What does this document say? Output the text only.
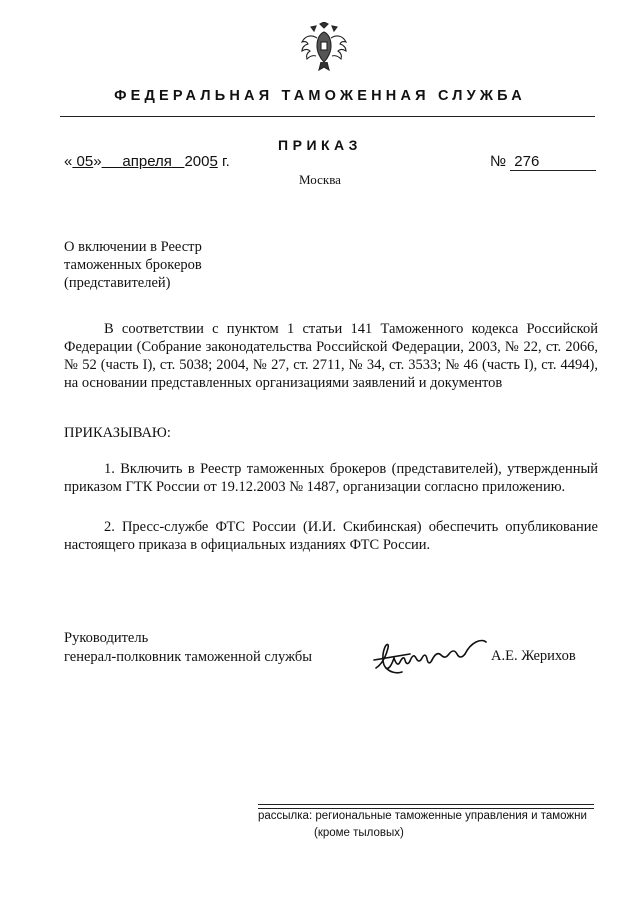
ФЕДЕРАЛЬНАЯ ТАМОЖЕННАЯ СЛУЖБА
ПРИКАЗ
« 05» апреля 2005 г.	№ 276
Москва
О включении в Реестр
таможенных брокеров
(представителей)
В соответствии с пунктом 1 статьи 141 Таможенного кодекса Российской Федерации (Собрание законодательства Российской Федерации, 2003, № 22, ст. 2066, № 52 (часть I), ст. 5038; 2004, № 27, ст. 2711, № 34, ст. 3533; № 46 (часть I), ст. 4494), на основании представленных организациями заявлений и документов
ПРИКАЗЫВАЮ:
1. Включить в Реестр таможенных брокеров (представителей), утвержденный приказом ГТК России от 19.12.2003 № 1487, организации согласно приложению.
2. Пресс-службе ФТС России (И.И. Скибинская) обеспечить опубликование настоящего приказа в официальных изданиях ФТС России.
Руководитель
генерал-полковник таможенной службы	А.Е. Жерихов
рассылка: региональные таможенные управления и таможни
(кроме тыловых)
